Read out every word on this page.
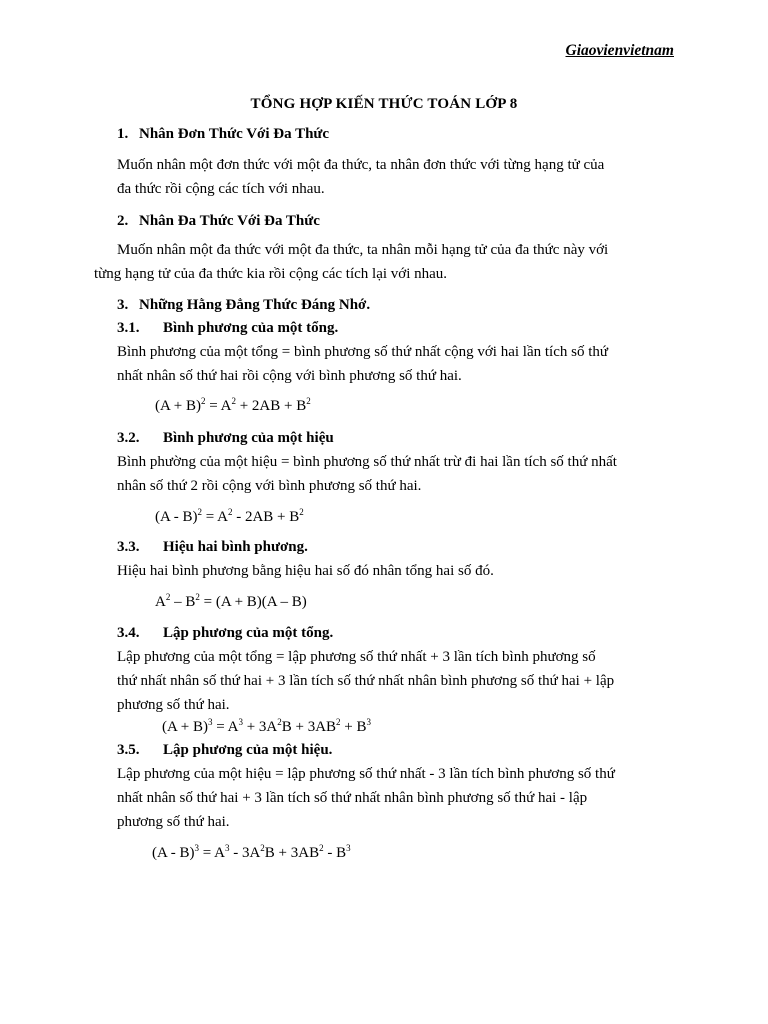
Giaovienvietnam
TỔNG HỢP KIẾN THỨC TOÁN LỚP 8
1. Nhân Đơn Thức Với Đa Thức
Muốn nhân một đơn thức với một đa thức, ta nhân đơn thức với từng hạng tử của
đa thức rồi cộng các tích với nhau.
2. Nhân Đa Thức Với Đa Thức
Muốn nhân một đa thức với một đa thức, ta nhân mỗi hạng tử của đa thức này với
từng hạng tử của đa thức kia rồi cộng các tích lại với nhau.
3. Những Hằng Đẳng Thức Đáng Nhớ.
3.1. Bình phương của một tổng.
Bình phương của một tổng = bình phương số thứ nhất cộng với hai lần tích số thứ
nhất nhân số thứ hai rồi cộng với bình phương số thứ hai.
$(A + B)^2 = A^2 + 2AB + B^2$
3.2. Bình phương của một hiệu
Bình phường của một hiệu = bình phương số thứ nhất trừ đi hai lần tích số thứ nhất
nhân số thứ 2 rồi cộng với bình phương số thứ hai.
$(A - B)^2 = A^2 - 2AB + B^2$
3.3. Hiệu hai bình phương.
Hiệu hai bình phương bằng hiệu hai số đó nhân tổng hai số đó.
$A^2 - B^2 = (A + B)(A - B)$
3.4. Lập phương của một tổng.
Lập phương của một tổng = lập phương số thứ nhất + 3 lần tích bình phương số
thứ nhất nhân số thứ hai + 3 lần tích số thứ nhất nhân bình phương số thứ hai + lập
phương số thứ hai.
$(A + B)^3 = A^3 + 3A^2B + 3AB^2 + B^3$
3.5. Lập phương của một hiệu.
Lập phương của một hiệu = lập phương số thứ nhất - 3 lần tích bình phương số thứ
nhất nhân số thứ hai + 3 lần tích số thứ nhất nhân bình phương số thứ hai - lập
phương số thứ hai.
$(A - B)^3 = A^3 - 3A^2B + 3AB^2 - B^3$
